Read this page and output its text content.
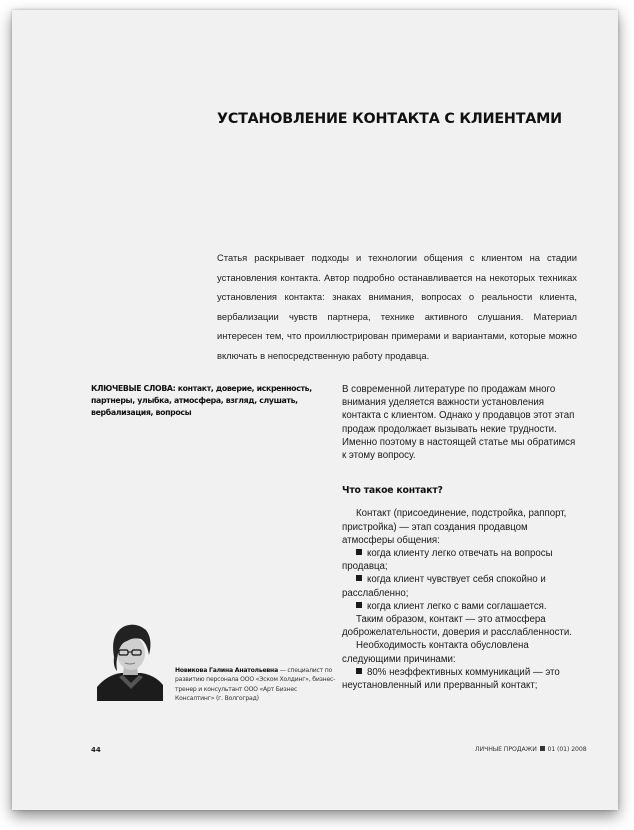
УСТАНОВЛЕНИЕ КОНТАКТА С КЛИЕНТАМИ
Статья раскрывает подходы и технологии общения с клиентом на стадии установления контакта. Автор подробно останавливается на некоторых техниках установления контакта: знаках внимания, вопросах о реальности клиента, вербализации чувств партнера, технике активного слушания. Материал интересен тем, что проиллюстрирован примерами и вариантами, которые можно включать в непосредственную работу продавца.
КЛЮЧЕВЫЕ СЛОВА: контакт, доверие, искренность, партнеры, улыбка, атмосфера, взгляд, слушать, вербализация, вопросы

В современной литературе по продажам много внимания уделяется важности установления контакта с клиентом. Однако у продавцов этот этап продаж продолжает вызывать некие трудности. Именно поэтому в настоящей статье мы обратимся к этому вопросу.

Что такое контакт?

Контакт (присоединение, подстройка, раппорт, пристройка) — этап создания продавцом атмосферы общения:

когда клиенту легко отвечать на вопросы продавца;

когда клиент чувствует себя спокойно и расслабленно;

когда клиент легко с вами соглашается.

Таким образом, контакт — это атмосфера доброжелательности, доверия и расслабленности.

Необходимость контакта обусловлена следующими причинами:

80% неэффективных коммуникаций — это неустановленный или прерванный контакт;

Новикова Галина Анатольевна — специалист по развитию персонала ООО «Эском Холдинг», бизнес-тренер и консультант ООО «Арт Бизнес Консалтинг» (г. Волгоград)
44	ЛИЧНЫЕ ПРОДАЖИ 01 (01) 2008
